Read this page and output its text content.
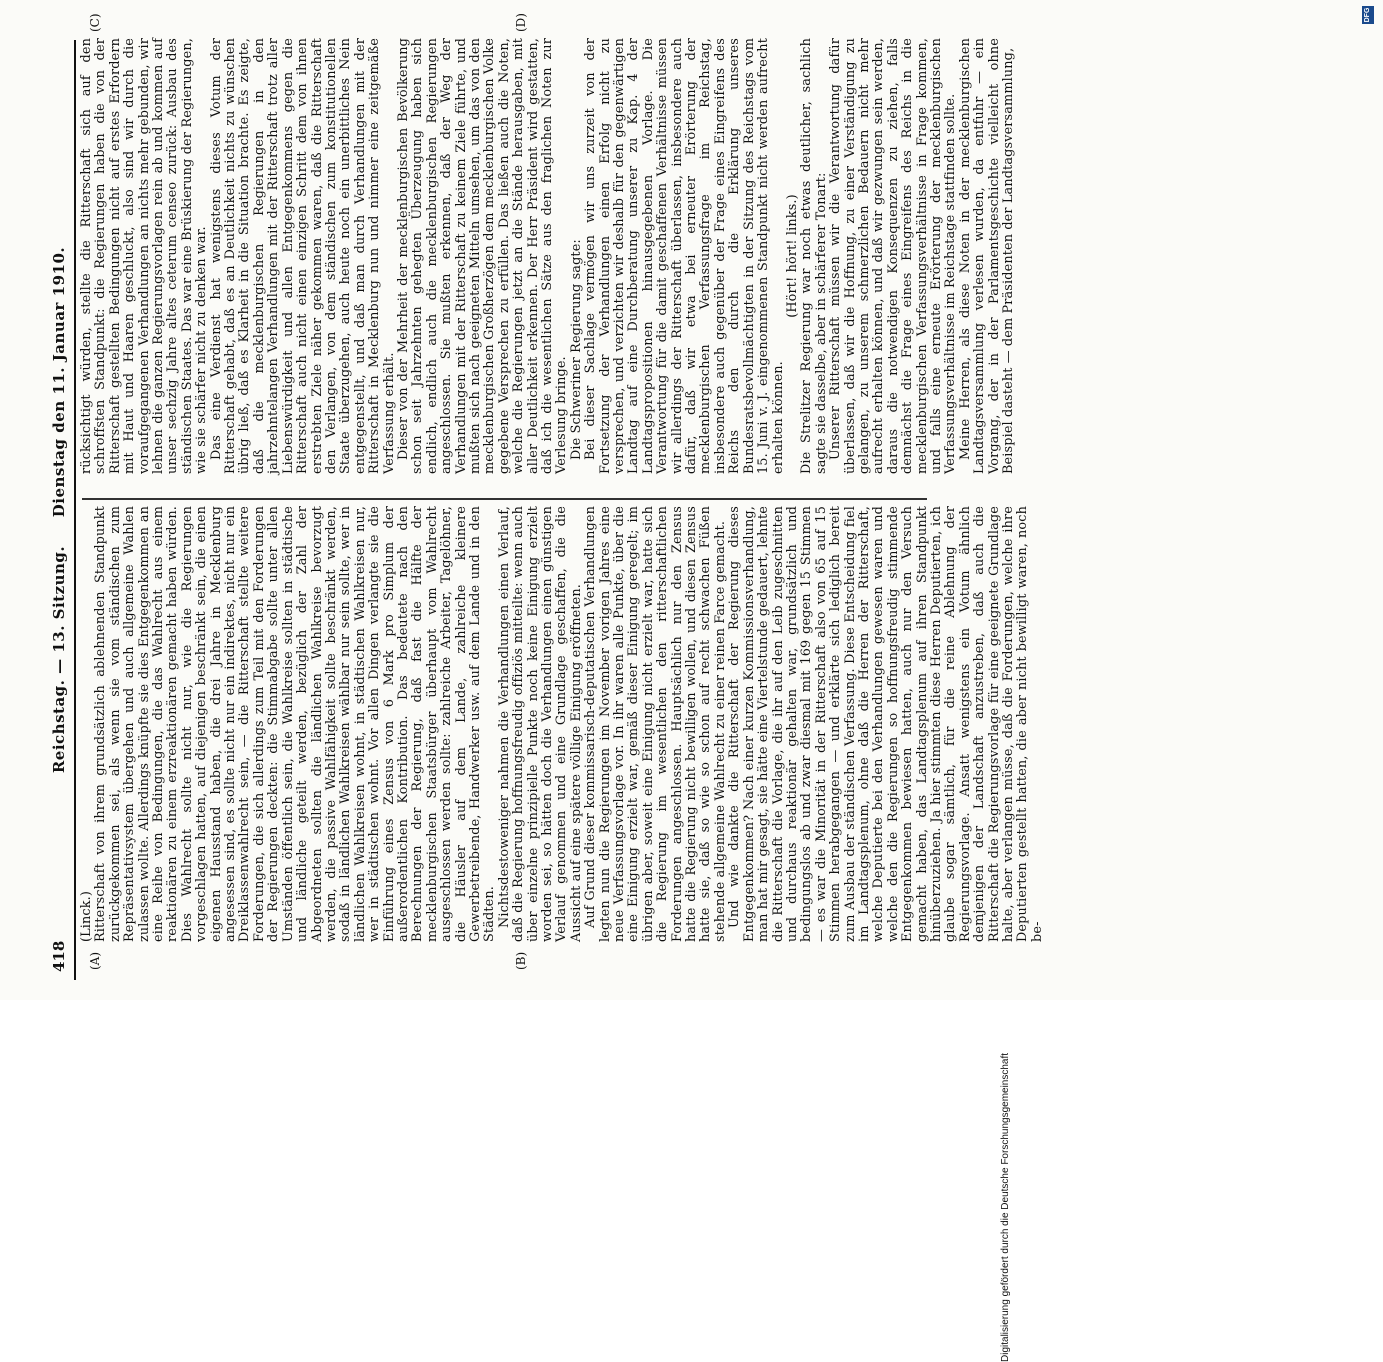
418
Reichstag. — 13. Sitzung.     Dienstag den 11. Januar 1910.
(A)	(B)
(C)	(D)

(Linck.) Ritterschaft von ihrem grundsätzlich ablehnenden Standpunkt zurückgekommen sei, als wenn sie vom ständischen zum Repräsentativsystem übergehen und auch allgemeine Wahlen zulassen wollte. Allerdings knüpfte sie dies Entgegenkommen an eine Reihe von Bedingungen, die das Wahlrecht aus einem reaktionären zu einem erzreaktionären gemacht haben würden. Dies Wahlrecht sollte nicht nur, wie die Regierungen vorgeschlagen hatten, auf diejenigen beschränkt sein, die einen eigenen Hausstand haben, die drei Jahre in Mecklenburg angesessen sind, es sollte nicht nur ein indirektes, nicht nur ein Dreiklassenwahlrecht sein, — die Ritterschaft stellte weitere Forderungen, die sich allerdings zum Teil mit den Forderungen der Regierungen deckten: die Stimmabgabe sollte unter allen Umständen öffentlich sein, die Wahlkreise sollten in städtische und ländliche geteilt werden, bezüglich der Zahl der Abgeordneten sollten die ländlichen Wahlkreise bevorzugt werden, die passive Wahlfähigkeit sollte beschränkt werden, sodaß in ländlichen Wahlkreisen wählbar nur sein sollte, wer in ländlichen Wahlkreisen wohnt, in städtischen Wahlkreisen nur, wer in städtischen wohnt. Vor allen Dingen verlangte sie die Einführung eines Zensus von 6 Mark pro Simplum der außerordentlichen Kontribution. Das bedeutete nach den Berechnungen der Regierung, daß fast die Hälfte der mecklenburgischen Staatsbürger überhaupt vom Wahlrecht ausgeschlossen werden sollte: zahlreiche Arbeiter, Tagelöhner, die Häusler auf dem Lande, zahlreiche kleinere Gewerbetreibende, Handwerker usw. auf dem Lande und in den Städten. Nichtsdestoweniger nahmen die Verhandlungen einen Verlauf, daß die Regierung hoffnungsfreudig offiziös mitteilte: wenn auch über einzelne prinzipielle Punkte noch keine Einigung erzielt worden sei, so hätten doch die Verhandlungen einen günstigen Verlauf genommen und eine Grundlage geschaffen, die die Aussicht auf eine spätere völlige Einigung eröffneten. Auf Grund dieser kommissarisch-deputatischen Verhandlungen legten nun die Regierungen im November vorigen Jahres eine neue Verfassungsvorlage vor. In ihr waren alle Punkte, über die eine Einigung erzielt war, gemäß dieser Einigung geregelt; im übrigen aber, soweit eine Einigung nicht erzielt war, hatte sich die Regierung im wesentlichen den ritterschaftlichen Forderungen angeschlossen. Hauptsächlich nur den Zensus hatte die Regierung nicht bewilligen wollen, und diesen Zensus hatte sie, daß so wie so schon auf recht schwachen Füßen stehende allgemeine Wahlrecht zu einer reinen Farce gemacht. Und wie dankte die Ritterschaft der Regierung dieses Entgegenkommen? Nach einer kurzen Kommissionsverhandlung, man hat mir gesagt, sie hätte eine Viertelstunde gedauert, lehnte die Ritterschaft die Vorlage, die ihr auf den Leib zugeschnitten und durchaus reaktionär gehalten war, grundsätzlich und bedingungslos ab und zwar diesmal mit 169 gegen 15 Stimmen — es war die Minorität in der Ritterschaft also von 65 auf 15 Stimmen herabgegangen — und erklärte sich lediglich bereit zum Ausbau der ständischen Verfassung. Diese Entscheidung fiel im Landtagsplenum, ohne daß die Herren der Ritterschaft, welche Deputierte bei den Verhandlungen gewesen waren und welche den die Regierungen so hoffnungsfreudig stimmende Entgegenkommen bewiesen hatten, auch nur den Versuch gemacht haben, das Landtagsplenum auf ihren Standpunkt hinüberzuziehen. Ja hier stimmten diese Herren Deputierten, ich glaube sogar sämtlich, für die reine Ablehnung der Regierungsvorlage. Ansatt wenigstens ein Votum ähnlich demjenigen der Landschaft anzustreben, daß auch die Ritterschaft die Regierungsvorlage für eine geeignete Grundlage halte, aber verlangen müsse, daß die Forderungen, welche ihre Deputierten gestellt hatten, die aber nicht bewilligt waren, noch be-

rücksichtigt würden, stellte die Ritterschaft sich auf den schroffsten Standpunkt: die Regierungen haben die von der Ritterschaft gestellten Bedingungen nicht auf erstes Erfordern mit Haut und Haaren geschluckt, also sind wir durch die voraufgegangenen Verhandlungen an nichts mehr gebunden, wir lehnen die ganzen Regierungsvorlagen rein ab und kommen auf unser sechzig Jahre altes ceterum censeo zurück: Ausbau des ständischen Staates. Das war eine Brüskierung der Regierungen, wie sie schärfer nicht zu denken war. Das eine Verdienst hat wenigstens dieses Votum der Ritterschaft gehabt, daß es an Deutlichkeit nichts zu wünschen übrig ließ, daß es Klarheit in die Situation brachte. Es zeigte, daß die mecklenburgischen Regierungen in den jahrzehntelangen Verhandlungen mit der Ritterschaft trotz aller Liebenswürdigkeit und allen Entgegenkommens gegen die Ritterschaft auch nicht einen einzigen Schritt dem von ihnen erstrebten Ziele näher gekommen waren, daß die Ritterschaft den Verlangen, von dem ständischen zum konstitutionellen Staate überzugehen, auch heute noch ein unerbittliches Nein entgegenstellt, und daß man durch Verhandlungen mit der Ritterschaft in Mecklenburg nun und nimmer eine zeitgemäße Verfassung erhält. Dieser von der Mehrheit der mecklenburgischen Bevölkerung schon seit Jahrzehnten gehegten Überzeugung haben sich endlich, endlich auch die mecklenburgischen Regierungen angeschlossen. Sie mußten erkennen, daß der Weg der Verhandlungen mit der Ritterschaft zu keinem Ziele führte, und mußten sich nach geeigneten Mitteln umsehen, um das von den mecklenburgischen Großherzögen dem mecklenburgischen Volke gegebene Versprechen zu erfüllen. Das ließen auch die Noten, welche die Regierungen jetzt an die Stände herausgaben, mit aller Deutlichkeit erkennen. Der Herr Präsident wird gestatten, daß ich die wesentlichen Sätze aus den fraglichen Noten zur Verlesung bringe. Die Schweriner Regierung sagte: Bei dieser Sachlage vermögen wir uns zurzeit von der Fortsetzung der Verhandlungen einen Erfolg nicht zu versprechen, und verzichten wir deshalb für den gegenwärtigen Landtag auf eine Durchberatung unserer zu Kap. 4 der Landtagspropositionen hinausgegebenen Vorlage. Die Verantwortung für die damit geschaffenen Verhältnisse müssen wir allerdings der Ritterschaft überlassen, insbesondere auch dafür, daß wir etwa bei erneuter Erörterung der mecklenburgischen Verfassungsfrage im Reichstag, insbesondere auch gegenüber der Frage eines Eingreifens des Reichs den durch die Erklärung unseres Bundesratsbevollmächtigten in der Sitzung des Reichstags vom 15. Juni v. J. eingenommenen Standpunkt nicht werden aufrecht erhalten können.

(Hört! hört! links.) Die Strelitzer Regierung war noch etwas deutlicher, sachlich sagte sie dasselbe, aber in schärferer Tonart: Unserer Ritterschaft müssen wir die Verantwortung dafür überlassen, daß wir die Hoffnung, zu einer Verständigung zu gelangen, zu unserem schmerzlichen Bedauern nicht mehr aufrecht erhalten können, und daß wir gezwungen sein werden, daraus die notwendigen Konsequenzen zu ziehen, falls demnächst die Frage eines Eingreifens des Reichs in die mecklenburgischen Verfassungsverhältnisse in Frage kommen, und falls eine erneute Erörterung der mecklenburgischen Verfassungsverhältnisse im Reichstage stattfinden sollte. Meine Herren, als diese Noten in der mecklenburgischen Landtagsversammlung verlesen wurden, da entfuhr — ein Vorgang, der in der Parlamentsgeschichte vielleicht ohne Beispiel dasteht — dem Präsidenten der Landtagsversammlung,

DFG
Digitalisierung gefördert durch die Deutsche Forschungsgemeinschaft
